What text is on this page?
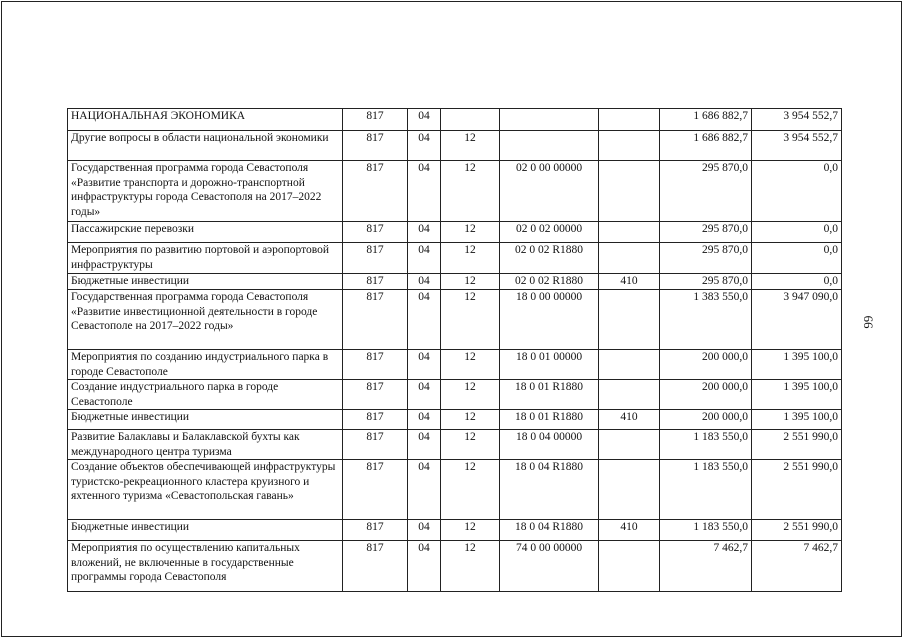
НАЦИОНАЛЬНАЯ ЭКОНОМИКА	817	04				1 686 882,7	3 954 552,7
Другие вопросы в области национальной экономики	817	04	12			1 686 882,7	3 954 552,7
Государственная программа города Севастополя «Развитие транспорта и дорожно-транспортной инфраструктуры города Севастополя на 2017–2022 годы»	817	04	12	02 0 00 00000		295 870,0	0,0
Пассажирские перевозки	817	04	12	02 0 02 00000		295 870,0	0,0
Мероприятия по развитию портовой и аэропортовой инфраструктуры	817	04	12	02 0 02 R1880		295 870,0	0,0
Бюджетные инвестиции	817	04	12	02 0 02 R1880	410	295 870,0	0,0
Государственная программа города Севастополя «Развитие инвестиционной деятельности в городе Севастополе на 2017–2022 годы»	817	04	12	18 0 00 00000		1 383 550,0	3 947 090,0
Мероприятия по созданию индустриального парка в городе Севастополе	817	04	12	18 0 01 00000		200 000,0	1 395 100,0
Создание индустриального парка в городе Севастополе	817	04	12	18 0 01 R1880		200 000,0	1 395 100,0
Бюджетные инвестиции	817	04	12	18 0 01 R1880	410	200 000,0	1 395 100,0
Развитие Балаклавы и Балаклавской бухты как международного центра туризма	817	04	12	18 0 04 00000		1 183 550,0	2 551 990,0
Создание объектов обеспечивающей инфраструктуры туристско-рекреационного кластера круизного и яхтенного туризма «Севастопольская гавань»	817	04	12	18 0 04 R1880		1 183 550,0	2 551 990,0
Бюджетные инвестиции	817	04	12	18 0 04 R1880	410	1 183 550,0	2 551 990,0
Мероприятия по осуществлению капитальных вложений, не включенные в государственные программы города Севастополя	817	04	12	74 0 00 00000		7 462,7	7 462,7
66
